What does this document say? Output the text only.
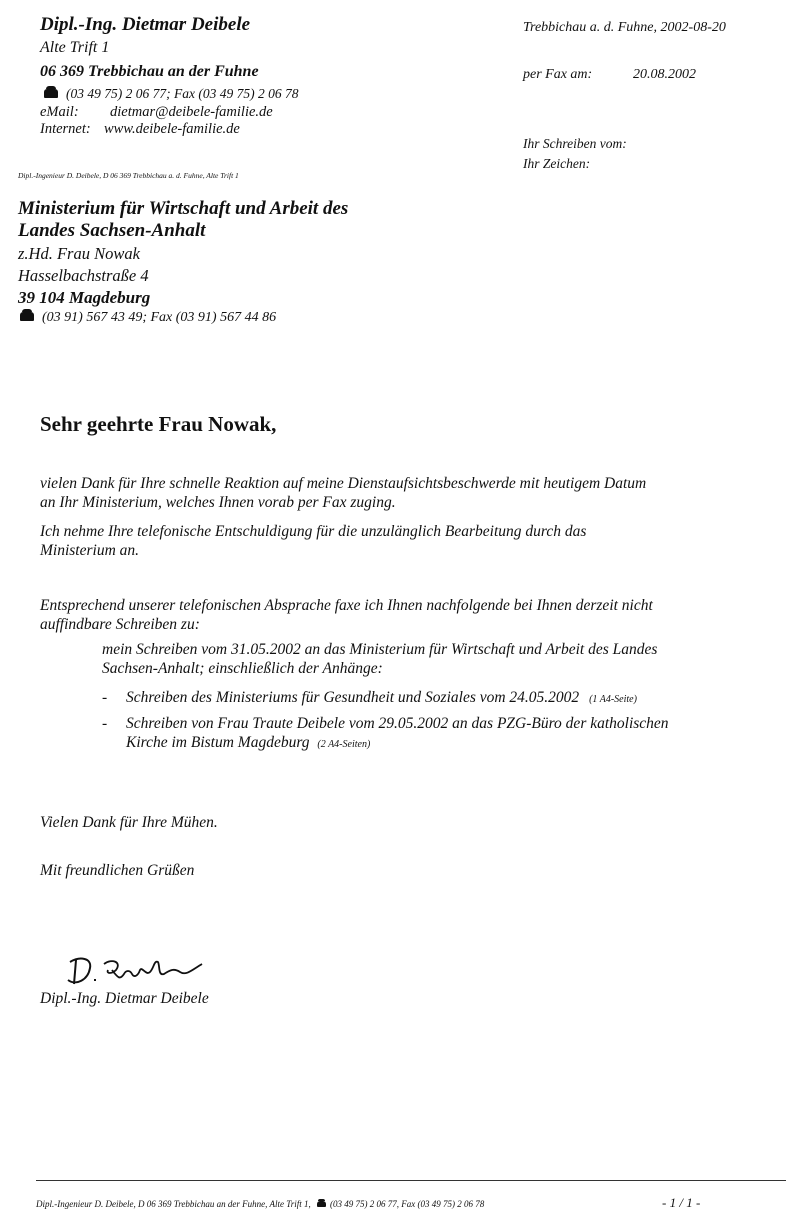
Dipl.-Ing. Dietmar Deibele
Alte Trift 1
06 369 Trebbichau an der Fuhne
(03 49 75) 2 06 77; Fax (03 49 75) 2 06 78
eMail: dietmar@deibele-familie.de
Internet: www.deibele-familie.de
Dipl.-Ingenieur D. Deibele, D 06 369 Trebbichau a. d. Fuhne, Alte Trift 1
Trebbichau a. d. Fuhne, 2002-08-20
per Fax am:	20.08.2002
Ihr Schreiben vom:
Ihr Zeichen:
Ministerium für Wirtschaft und Arbeit des
Landes Sachsen-Anhalt
z.Hd. Frau Nowak
Hasselbachstraße 4
39 104 Magdeburg
(03 91) 567 43 49; Fax (03 91) 567 44 86
Sehr geehrte Frau Nowak,
vielen Dank für Ihre schnelle Reaktion auf meine Dienstaufsichtsbeschwerde mit heutigem Datum
an Ihr Ministerium, welches Ihnen vorab per Fax zuging.
Ich nehme Ihre telefonische Entschuldigung für die unzulänglich Bearbeitung durch das
Ministerium an.
Entsprechend unserer telefonischen Absprache faxe ich Ihnen nachfolgende bei Ihnen derzeit nicht
auffindbare Schreiben zu:
mein Schreiben vom 31.05.2002 an das Ministerium für Wirtschaft und Arbeit des Landes
Sachsen-Anhalt; einschließlich der Anhänge:
- Schreiben des Ministeriums für Gesundheit und Soziales vom 24.05.2002 (1 A4-Seite)
- Schreiben von Frau Traute Deibele vom 29.05.2002 an das PZG-Büro der katholischen
Kirche im Bistum Magdeburg (2 A4-Seiten)
Vielen Dank für Ihre Mühen.
Mit freundlichen Grüßen
Dipl.-Ing. Dietmar Deibele
Dipl.-Ingenieur D. Deibele, D 06 369 Trebbichau an der Fuhne, Alte Trift 1, (03 49 75) 2 06 77, Fax (03 49 75) 2 06 78	- 1 / 1 -
